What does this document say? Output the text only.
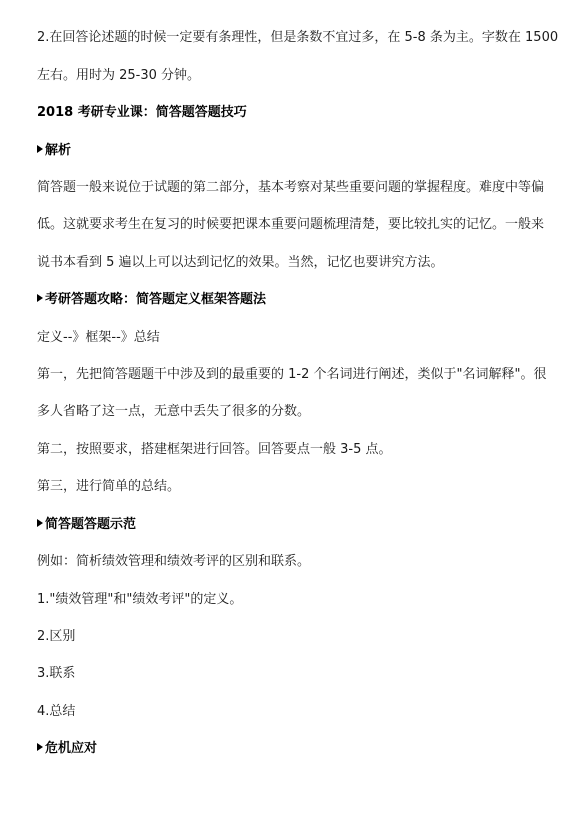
2.在回答论述题的时候一定要有条理性，但是条数不宜过多，在 5-8 条为主。字数在 1500
左右。用时为 25-30 分钟。
2018 考研专业课：简答题答题技巧
解析
简答题一般来说位于试题的第二部分，基本考察对某些重要问题的掌握程度。难度中等偏
低。这就要求考生在复习的时候要把课本重要问题梳理清楚，要比较扎实的记忆。一般来
说书本看到 5 遍以上可以达到记忆的效果。当然，记忆也要讲究方法。
考研答题攻略：简答题定义框架答题法
定义--》框架--》总结
第一，先把简答题题干中涉及到的最重要的 1-2 个名词进行阐述，类似于"名词解释"。很
多人省略了这一点，无意中丢失了很多的分数。
第二，按照要求，搭建框架进行回答。回答要点一般 3-5 点。
第三，进行简单的总结。
简答题答题示范
例如：简析绩效管理和绩效考评的区别和联系。
1."绩效管理"和"绩效考评"的定义。
2.区别
3.联系
4.总结
危机应对
